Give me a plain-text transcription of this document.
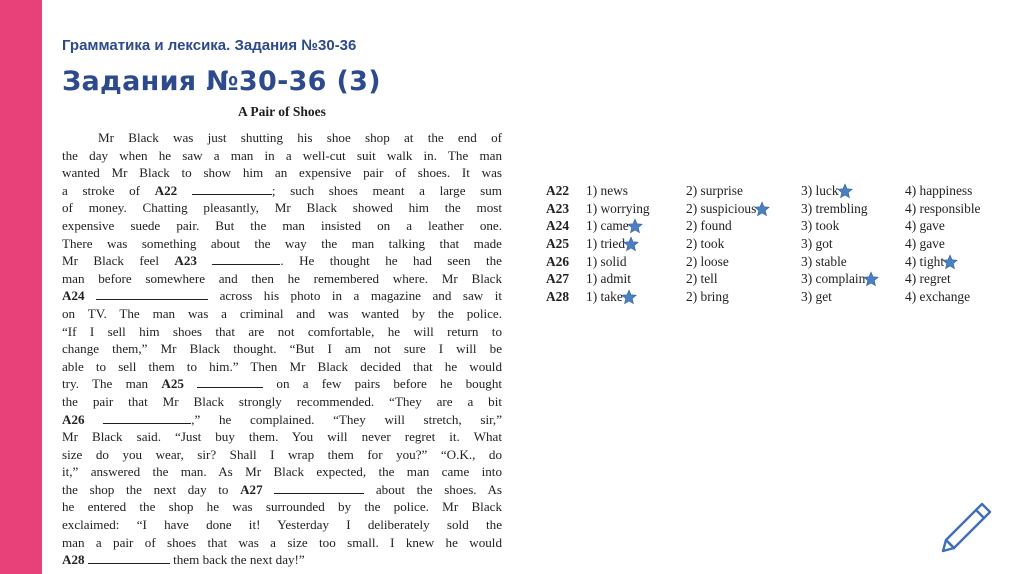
Грамматика и лексика. Задания №30-36
Задания №30-36 (3)
A Pair of Shoes
Mr Black was just shutting his shoe shop at the end of
the day when he saw a man in a well-cut suit walk in. The man
wanted Mr Black to show him an expensive pair of shoes. It was
a stroke of A22	; such shoes meant a large sum
of money. Chatting pleasantly, Mr Black showed him the most
expensive suede pair. But the man insisted on a leather one.
There was something about the way the man talking that made
Mr Black feel A23	. He thought he had seen the
man before somewhere and then he remembered where. Mr Black
A24	across his photo in a magazine and saw it
on TV. The man was a criminal and was wanted by the police.
“If I sell him shoes that are not comfortable, he will return to
change them,” Mr Black thought. “But I am not sure I will be
able to sell them to him.” Then Mr Black decided that he would
try. The man A25	on a few pairs before he bought
the pair that Mr Black strongly recommended. “They are a bit
A26	,” he complained. “They will stretch, sir,”
Mr Black said. “Just buy them. You will never regret it. What
size do you wear, sir? Shall I wrap them for you?” “O.K., do
it,” answered the man. As Mr Black expected, the man came into
the shop the next day to A27	about the shoes. As
he entered the shop he was surrounded by the police. Mr Black
exclaimed: “I have done it! Yesterday I deliberately sold the
man a pair of shoes that was a size too small. I knew he would
A28	them back the next day!”
A22 1) news	2) surprise	3) luck	4) happiness
A23 1) worrying	2) suspicious	3) trembling	4) responsible
A24 1) came	2) found	3) took	4) gave
A25 1) tried	2) took	3) got	4) gave
A26 1) solid	2) loose	3) stable	4) tight
A27 1) admit	2) tell	3) complain	4) regret
A28 1) take	2) bring	3) get	4) exchange
